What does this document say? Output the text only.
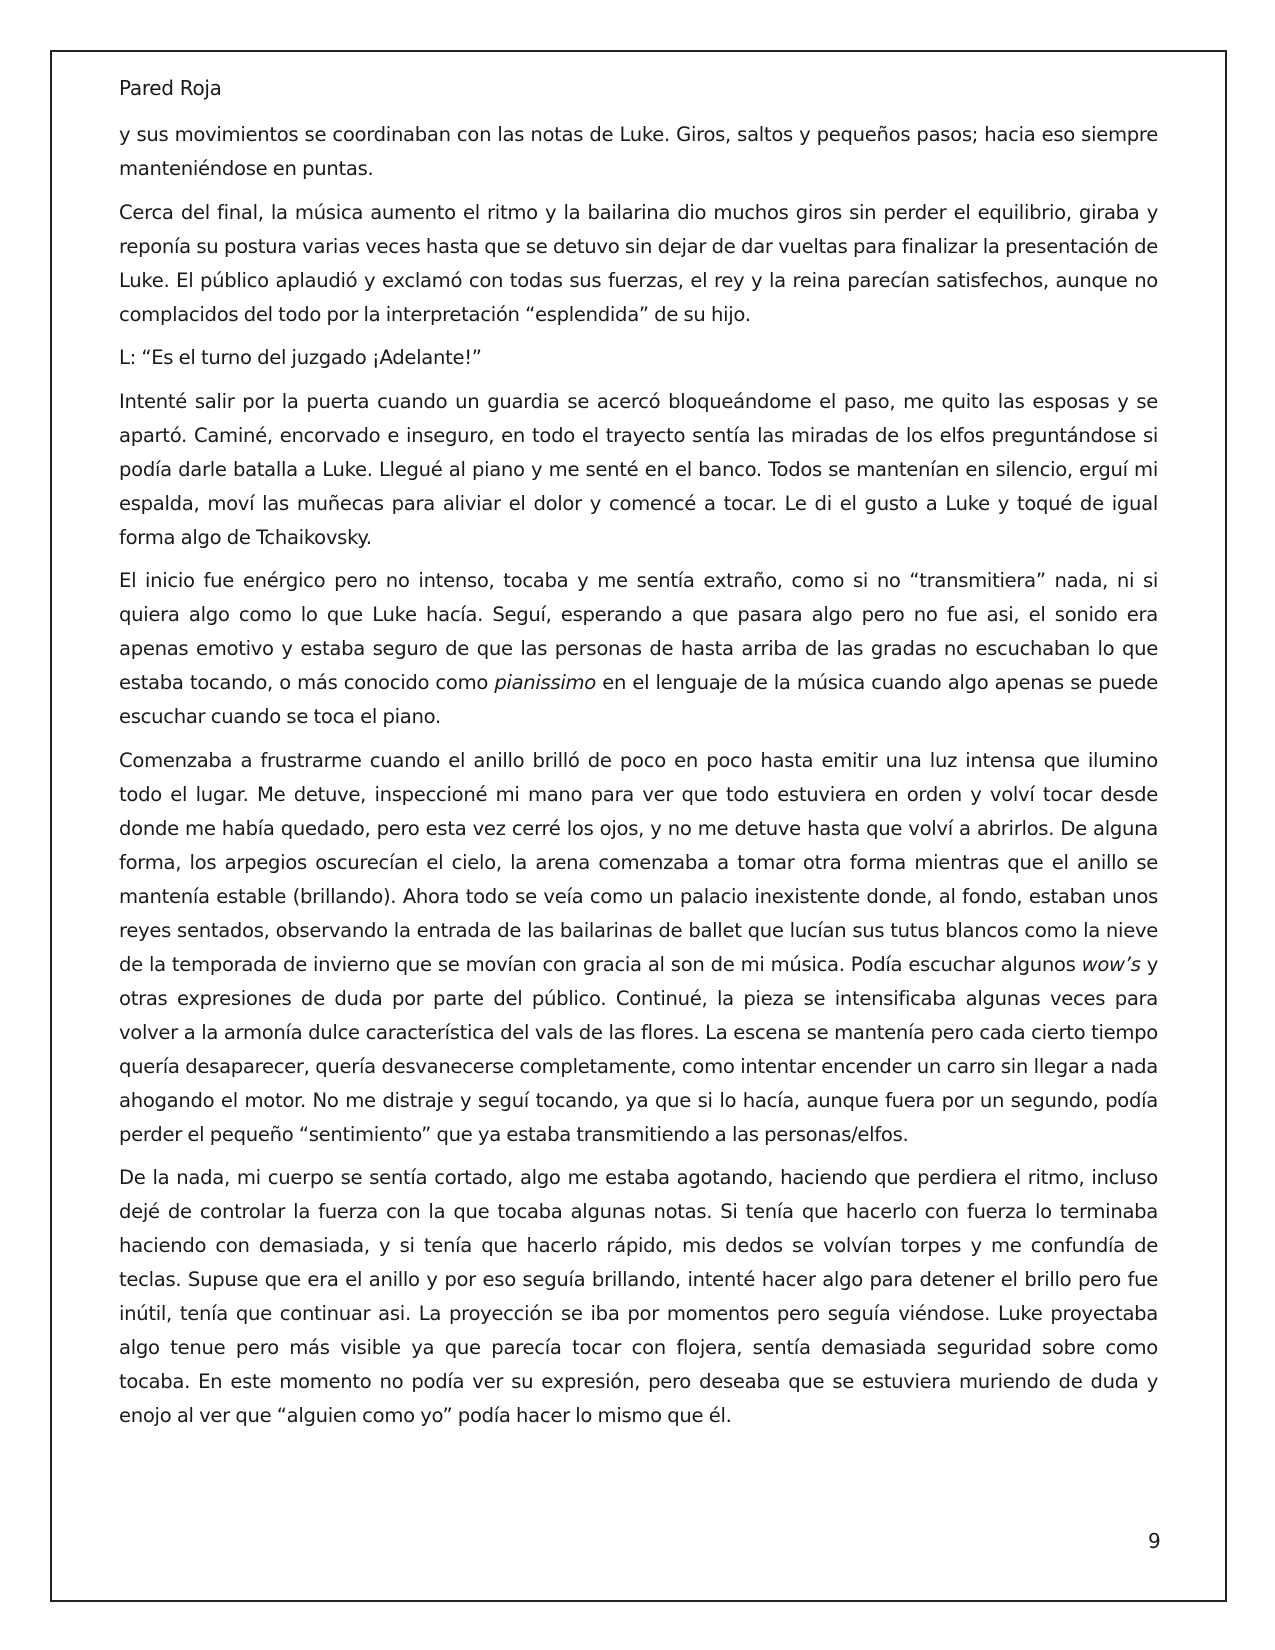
Pared Roja

y sus movimientos se coordinaban con las notas de Luke. Giros, saltos y pequeños pasos; hacia eso siempre manteniéndose en puntas.

Cerca del final, la música aumento el ritmo y la bailarina dio muchos giros sin perder el equilibrio, giraba y reponía su postura varias veces hasta que se detuvo sin dejar de dar vueltas para finalizar la presentación de Luke. El público aplaudió y exclamó con todas sus fuerzas, el rey y la reina parecían satisfechos, aunque no complacidos del todo por la interpretación “esplendida” de su hijo.

L: “Es el turno del juzgado ¡Adelante!”

Intenté salir por la puerta cuando un guardia se acercó bloqueándome el paso, me quito las esposas y se apartó. Caminé, encorvado e inseguro, en todo el trayecto sentía las miradas de los elfos preguntándose si podía darle batalla a Luke. Llegué al piano y me senté en el banco. Todos se mantenían en silencio, erguí mi espalda, moví las muñecas para aliviar el dolor y comencé a tocar. Le di el gusto a Luke y toqué de igual forma algo de Tchaikovsky.

El inicio fue enérgico pero no intenso, tocaba y me sentía extraño, como si no “transmitiera” nada, ni si quiera algo como lo que Luke hacía. Seguí, esperando a que pasara algo pero no fue asi, el sonido era apenas emotivo y estaba seguro de que las personas de hasta arriba de las gradas no escuchaban lo que estaba tocando, o más conocido como pianissimo en el lenguaje de la música cuando algo apenas se puede escuchar cuando se toca el piano.

Comenzaba a frustrarme cuando el anillo brilló de poco en poco hasta emitir una luz intensa que ilumino todo el lugar. Me detuve, inspeccioné mi mano para ver que todo estuviera en orden y volví tocar desde donde me había quedado, pero esta vez cerré los ojos, y no me detuve hasta que volví a abrirlos. De alguna forma, los arpegios oscurecían el cielo, la arena comenzaba a tomar otra forma mientras que el anillo se mantenía estable (brillando). Ahora todo se veía como un palacio inexistente donde, al fondo, estaban unos reyes sentados, observando la entrada de las bailarinas de ballet que lucían sus tutus blancos como la nieve de la temporada de invierno que se movían con gracia al son de mi música. Podía escuchar algunos wow’s y otras expresiones de duda por parte del público. Continué, la pieza se intensificaba algunas veces para volver a la armonía dulce característica del vals de las flores. La escena se mantenía pero cada cierto tiempo quería desaparecer, quería desvanecerse completamente, como intentar encender un carro sin llegar a nada ahogando el motor. No me distraje y seguí tocando, ya que si lo hacía, aunque fuera por un segundo, podía perder el pequeño “sentimiento” que ya estaba transmitiendo a las personas/elfos.

De la nada, mi cuerpo se sentía cortado, algo me estaba agotando, haciendo que perdiera el ritmo, incluso dejé de controlar la fuerza con la que tocaba algunas notas. Si tenía que hacerlo con fuerza lo terminaba haciendo con demasiada, y si tenía que hacerlo rápido, mis dedos se volvían torpes y me confundía de teclas. Supuse que era el anillo y por eso seguía brillando, intenté hacer algo para detener el brillo pero fue inútil, tenía que continuar asi. La proyección se iba por momentos pero seguía viéndose. Luke proyectaba algo tenue pero más visible ya que parecía tocar con flojera, sentía demasiada seguridad sobre como tocaba. En este momento no podía ver su expresión, pero deseaba que se estuviera muriendo de duda y enojo al ver que “alguien como yo” podía hacer lo mismo que él.

9
